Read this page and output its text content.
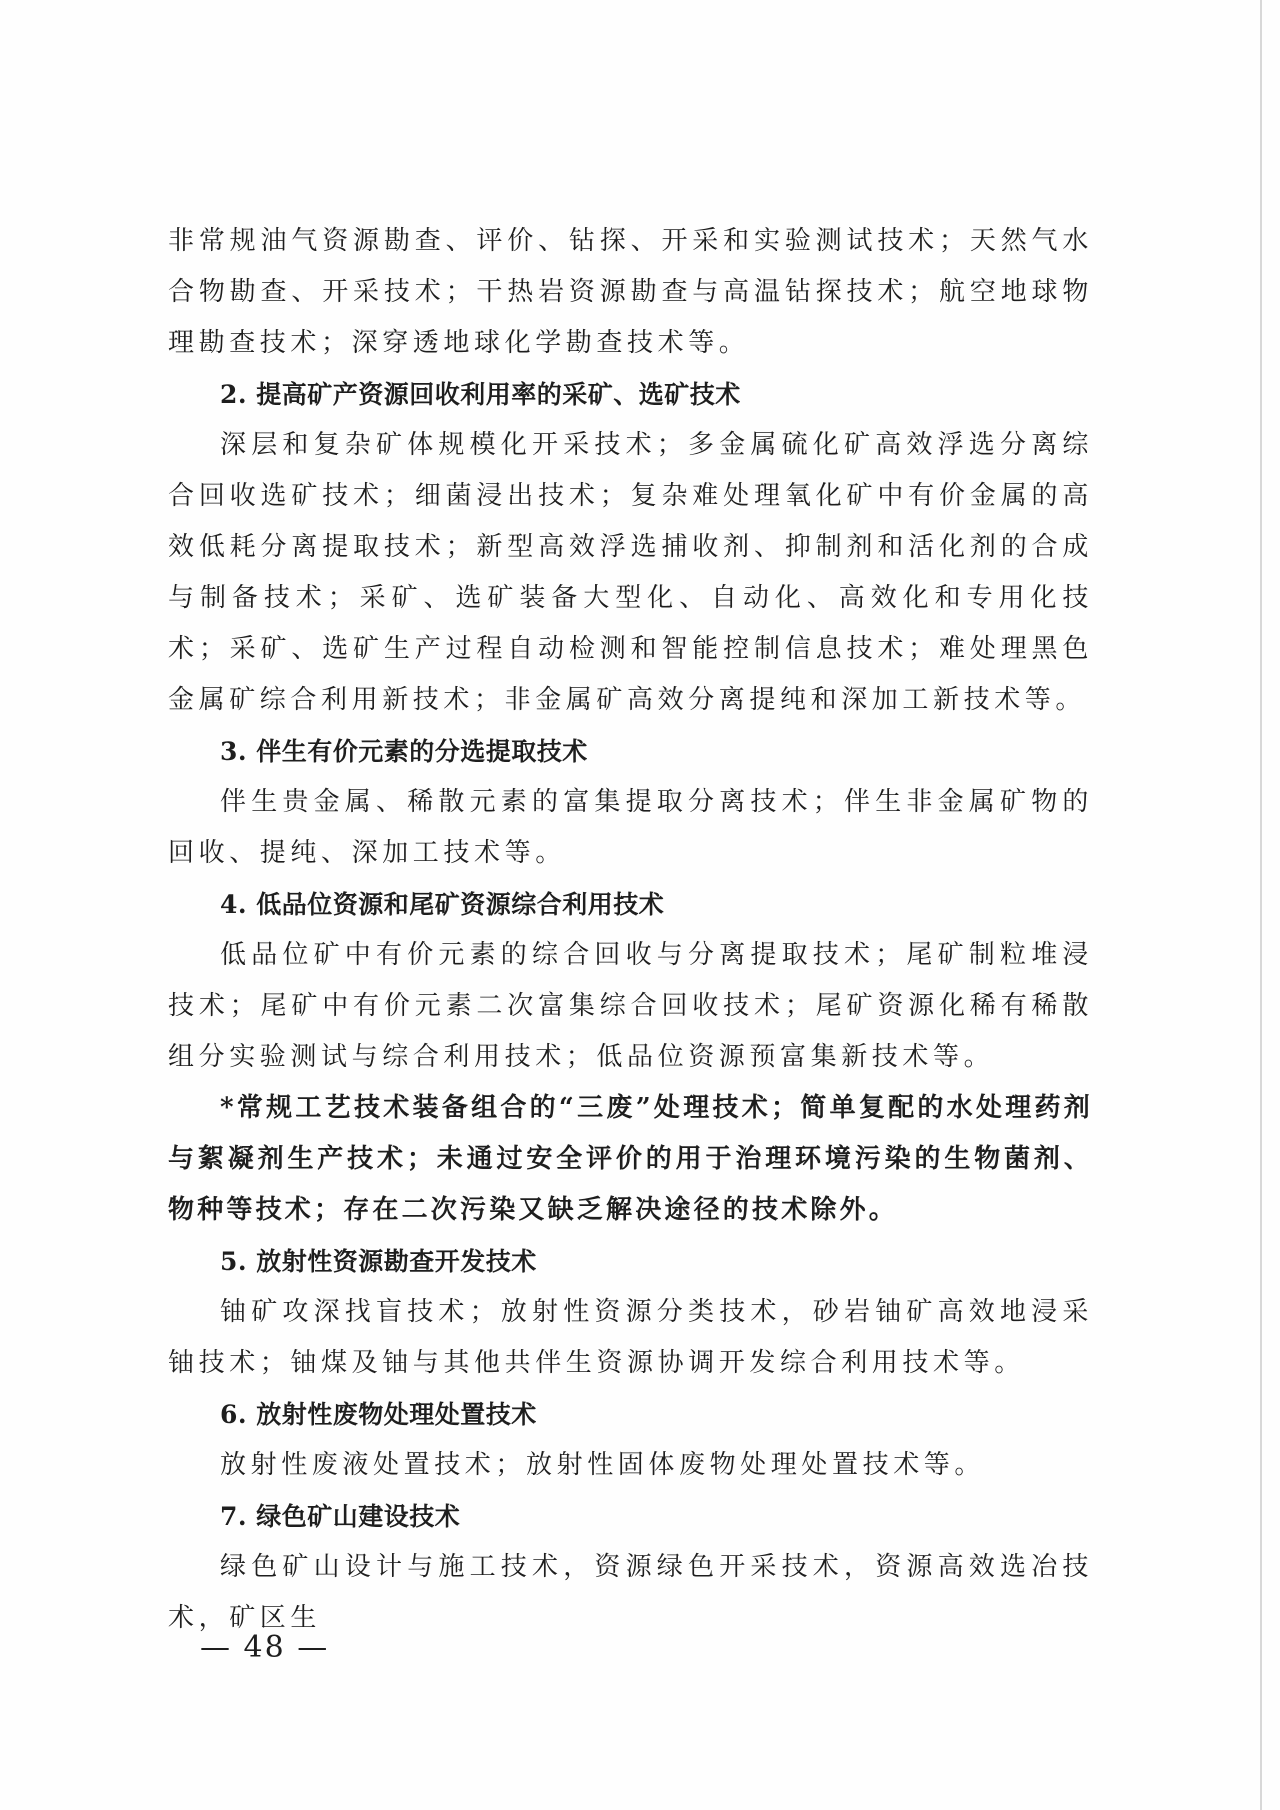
非常规油气资源勘查、评价、钻探、开采和实验测试技术；天然气水合物勘查、开采技术；干热岩资源勘查与高温钻探技术；航空地球物理勘查技术；深穿透地球化学勘查技术等。

2. 提高矿产资源回收利用率的采矿、选矿技术

深层和复杂矿体规模化开采技术；多金属硫化矿高效浮选分离综合回收选矿技术；细菌浸出技术；复杂难处理氧化矿中有价金属的高效低耗分离提取技术；新型高效浮选捕收剂、抑制剂和活化剂的合成与制备技术；采矿、选矿装备大型化、自动化、高效化和专用化技术；采矿、选矿生产过程自动检测和智能控制信息技术；难处理黑色金属矿综合利用新技术；非金属矿高效分离提纯和深加工新技术等。

3. 伴生有价元素的分选提取技术

伴生贵金属、稀散元素的富集提取分离技术；伴生非金属矿物的回收、提纯、深加工技术等。

4. 低品位资源和尾矿资源综合利用技术

低品位矿中有价元素的综合回收与分离提取技术；尾矿制粒堆浸技术；尾矿中有价元素二次富集综合回收技术；尾矿资源化稀有稀散组分实验测试与综合利用技术；低品位资源预富集新技术等。

*常规工艺技术装备组合的“三废”处理技术；简单复配的水处理药剂与絮凝剂生产技术；未通过安全评价的用于治理环境污染的生物菌剂、物种等技术；存在二次污染又缺乏解决途径的技术除外。

5. 放射性资源勘查开发技术

铀矿攻深找盲技术；放射性资源分类技术，砂岩铀矿高效地浸采铀技术；铀煤及铀与其他共伴生资源协调开发综合利用技术等。

6. 放射性废物处理处置技术

放射性废液处置技术；放射性固体废物处理处置技术等。

7. 绿色矿山建设技术

绿色矿山设计与施工技术，资源绿色开采技术，资源高效选冶技术，矿区生

— 48 —
